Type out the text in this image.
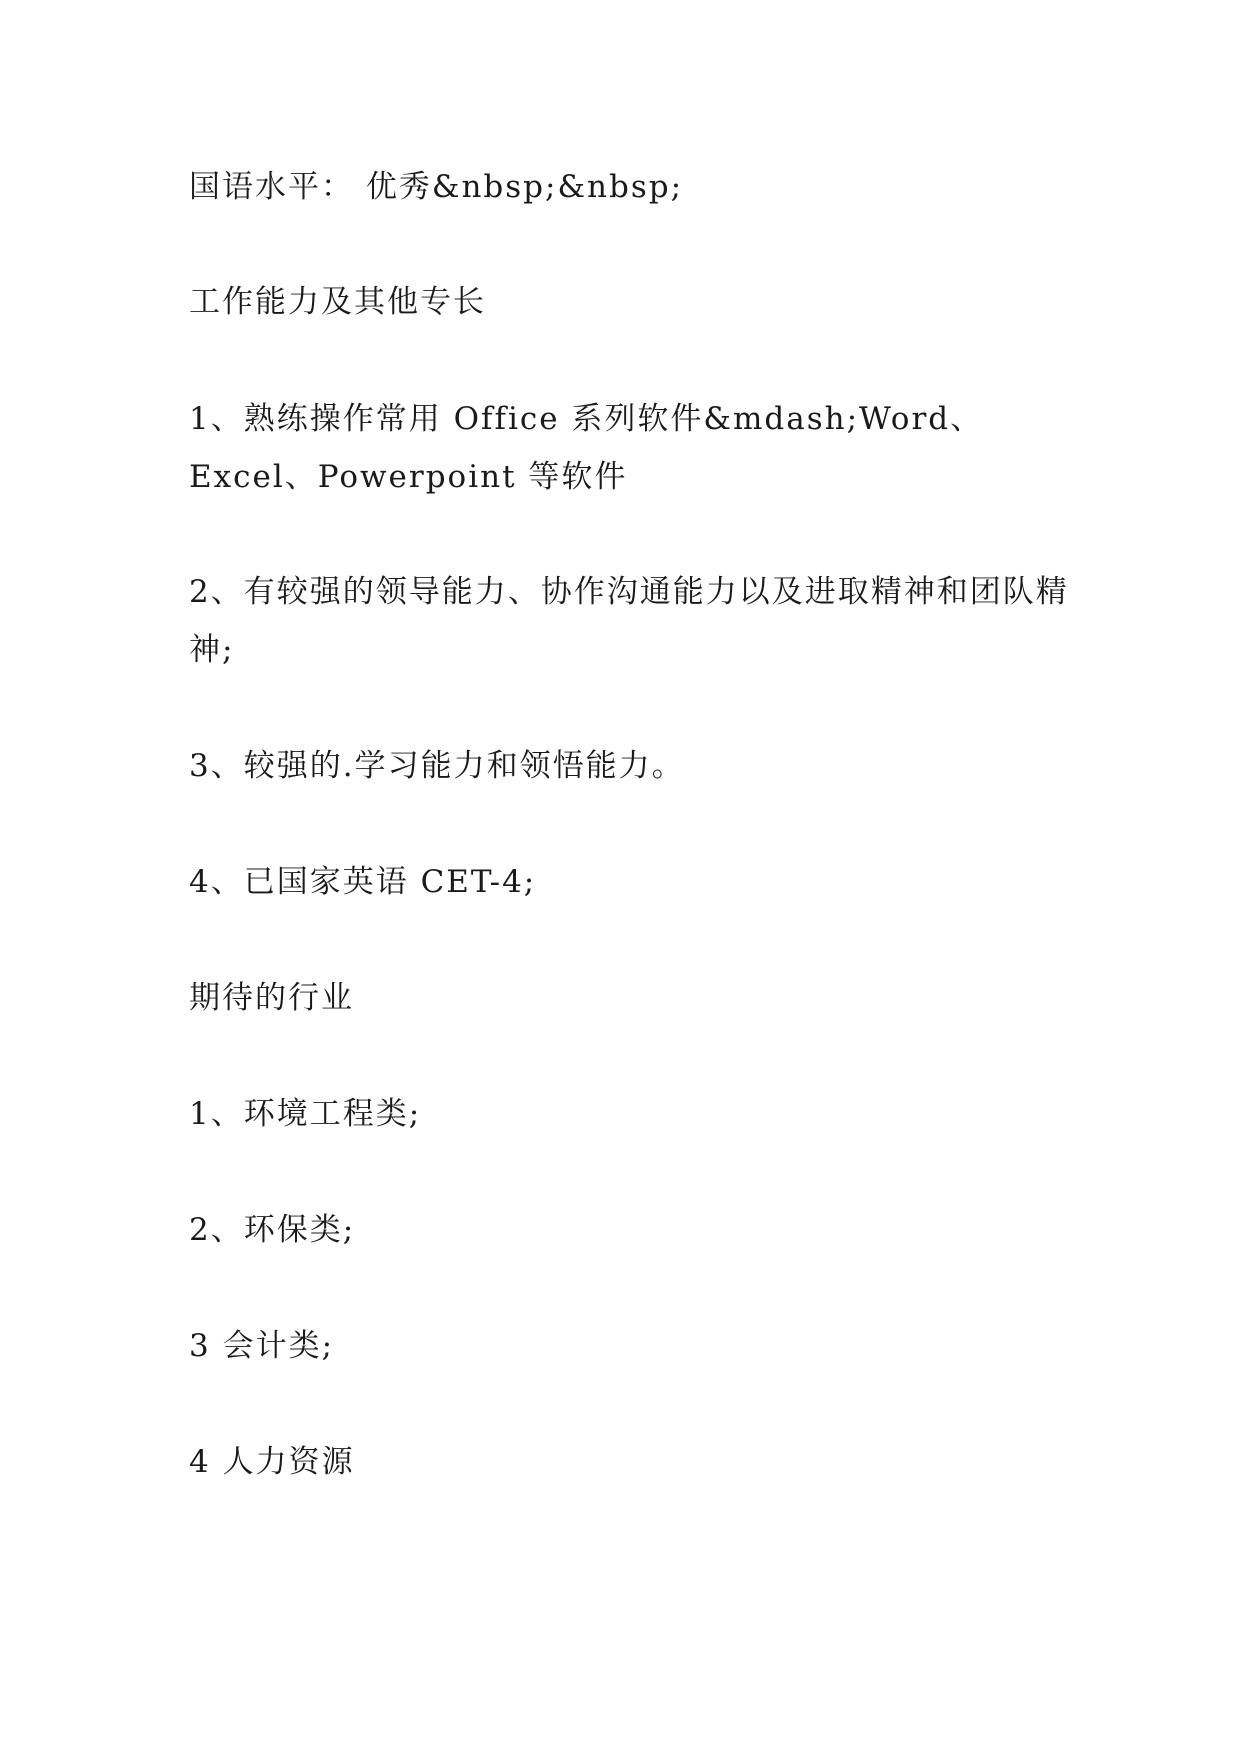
国语水平： 优秀&nbsp;&nbsp;

工作能力及其他专长

1、熟练操作常用 Office 系列软件&mdash;Word、Excel、Powerpoint 等软件

2、有较强的领导能力、协作沟通能力以及进取精神和团队精神;

3、较强的.学习能力和领悟能力。

4、已国家英语 CET-4;

期待的行业

1、环境工程类;

2、环保类;

3 会计类;

4 人力资源
